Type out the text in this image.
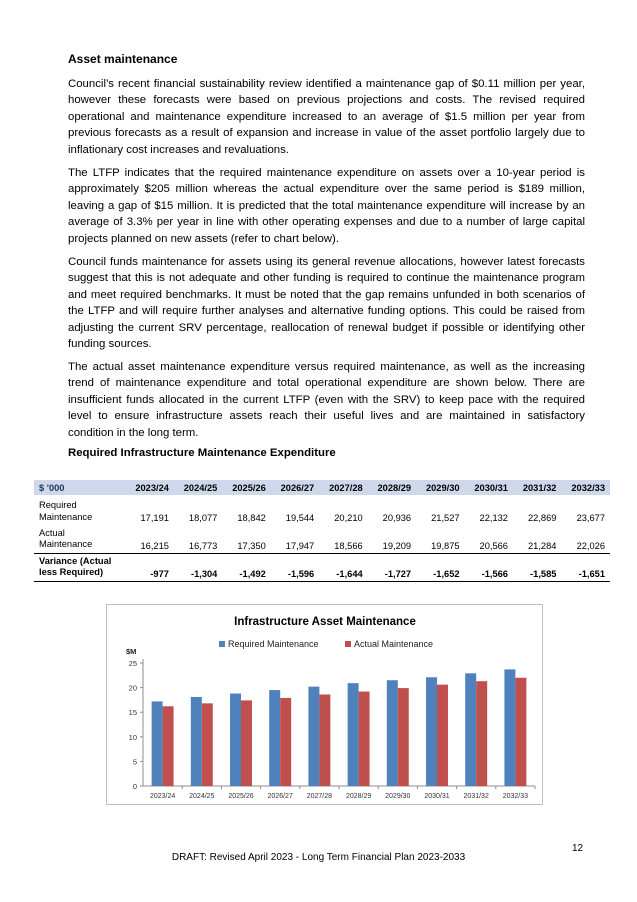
Asset maintenance

Council’s recent financial sustainability review identified a maintenance gap of $0.11 million per year, however these forecasts were based on previous projections and costs. The revised required operational and maintenance expenditure increased to an average of $1.5 million per year from previous forecasts as a result of expansion and increase in value of the asset portfolio largely due to inflationary cost increases and revaluations.

The LTFP indicates that the required maintenance expenditure on assets over a 10-year period is approximately $205 million whereas the actual expenditure over the same period is $189 million, leaving a gap of $15 million. It is predicted that the total maintenance expenditure will increase by an average of 3.3% per year in line with other operating expenses and due to a number of large capital projects planned on new assets (refer to chart below).

Council funds maintenance for assets using its general revenue allocations, however latest forecasts suggest that this is not adequate and other funding is required to continue the maintenance program and meet required benchmarks. It must be noted that the gap remains unfunded in both scenarios of the LTFP and will require further analyses and alternative funding options. This could be raised from adjusting the current SRV percentage, reallocation of renewal budget if possible or identifying other funding sources.

The actual asset maintenance expenditure versus required maintenance, as well as the increasing trend of maintenance expenditure and total operational expenditure are shown below. There are insufficient funds allocated in the current LTFP (even with the SRV) to keep pace with the required level to ensure infrastructure assets reach their useful lives and are maintained in satisfactory condition in the long term.

Required Infrastructure Maintenance Expenditure
$ '000	2023/24	2024/25	2025/26	2026/27	2027/28	2028/29	2029/30	2030/31	2031/32	2032/33
Required
Maintenance	17,191	18,077	18,842	19,544	20,210	20,936	21,527	22,132	22,869	23,677
Actual
Maintenance	16,215	16,773	17,350	17,947	18,566	19,209	19,875	20,566	21,284	22,026
Variance (Actual
less Required)	-977	-1,304	-1,492	-1,596	-1,644	-1,727	-1,652	-1,566	-1,585	-1,651
Infrastructure Asset Maintenance
Required Maintenance	Actual Maintenance
$M
0
5
10
15
20
25
2023/24 2024/25 2025/26 2026/27 2027/28 2028/29 2029/30 2030/31 2031/32 2032/33
12
DRAFT: Revised April 2023 - Long Term Financial Plan 2023-2033
